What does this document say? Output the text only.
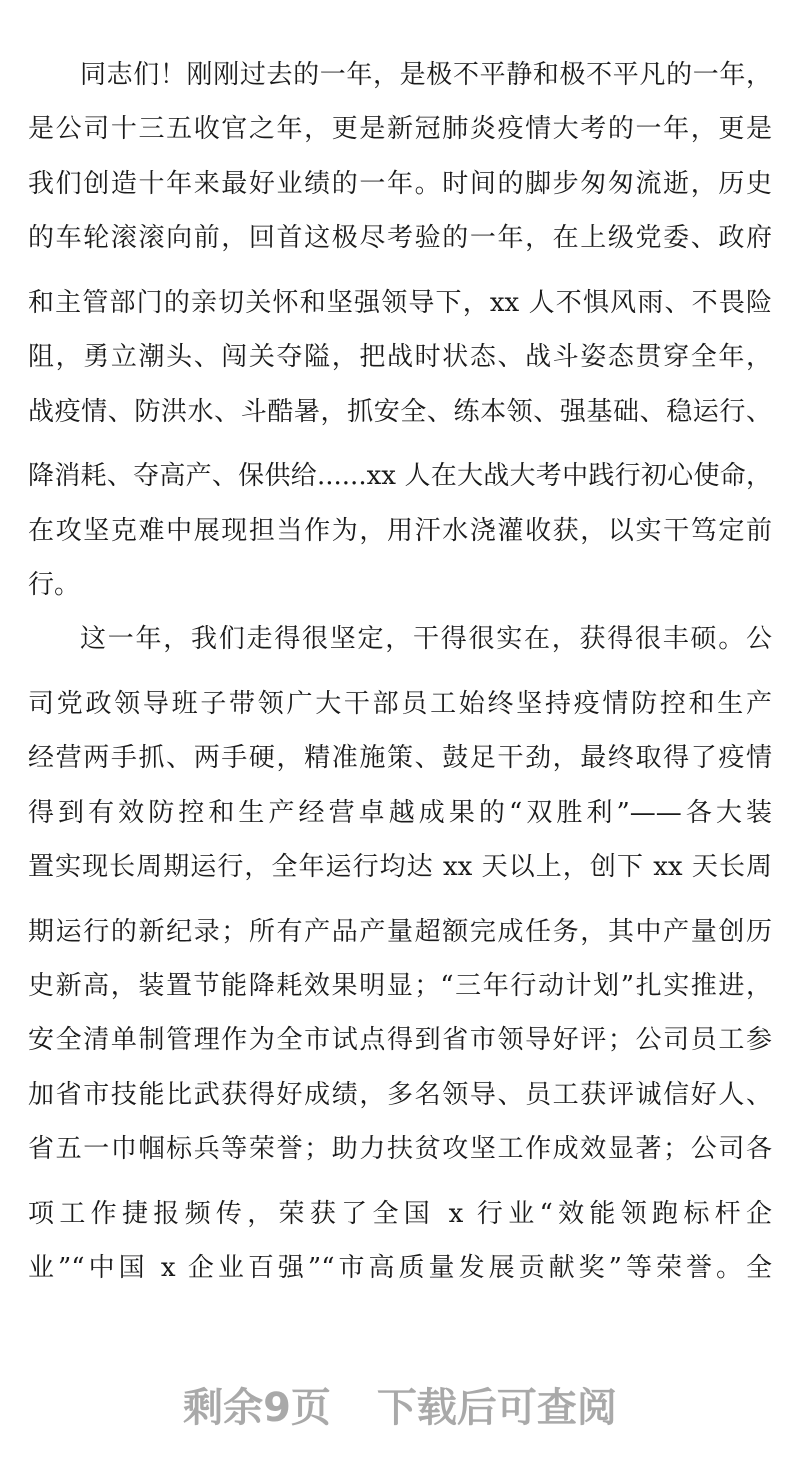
同志们！刚刚过去的一年，是极不平静和极不平凡的一年，
是公司十三五收官之年，更是新冠肺炎疫情大考的一年，更是
我们创造十年来最好业绩的一年。时间的脚步匆匆流逝，历史
的车轮滚滚向前，回首这极尽考验的一年，在上级党委、政府
和主管部门的亲切关怀和坚强领导下，xx 人不惧风雨、不畏险
阻，勇立潮头、闯关夺隘，把战时状态、战斗姿态贯穿全年，
战疫情、防洪水、斗酷暑，抓安全、练本领、强基础、稳运行、
降消耗、夺高产、保供给......xx 人在大战大考中践行初心使命，
在攻坚克难中展现担当作为，用汗水浇灌收获，以实干笃定前
行。
这一年，我们走得很坚定，干得很实在，获得很丰硕。公
司党政领导班子带领广大干部员工始终坚持疫情防控和生产
经营两手抓、两手硬，精准施策、鼓足干劲，最终取得了疫情
得到有效防控和生产经营卓越成果的“双胜利”——各大装
置实现长周期运行，全年运行均达 xx 天以上，创下 xx 天长周
期运行的新纪录；所有产品产量超额完成任务，其中产量创历
史新高，装置节能降耗效果明显；“三年行动计划”扎实推进，
安全清单制管理作为全市试点得到省市领导好评；公司员工参
加省市技能比武获得好成绩，多名领导、员工获评诚信好人、
省五一巾帼标兵等荣誉；助力扶贫攻坚工作成效显著；公司各
项工作捷报频传，荣获了全国 x 行业“效能领跑标杆企
业”“中国 x 企业百强”“市高质量发展贡献奖”等荣誉。全
剩余9页 下载后可查阅
